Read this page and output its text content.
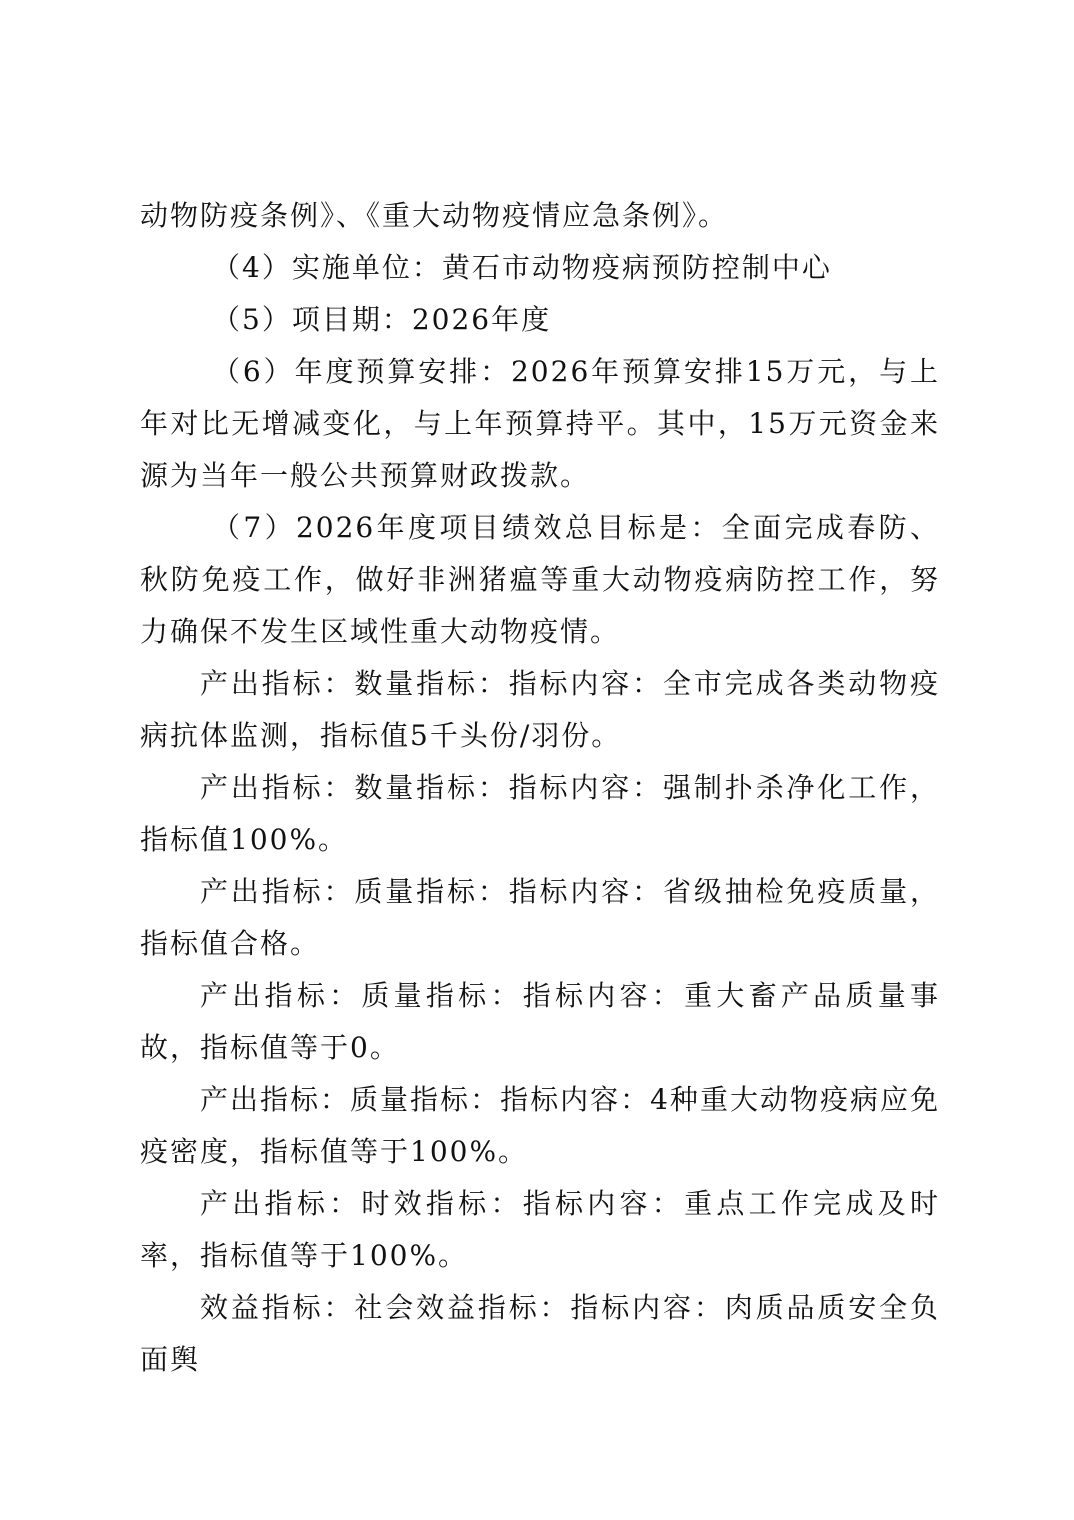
动物防疫条例》、《重大动物疫情应急条例》。

（4）实施单位：黄石市动物疫病预防控制中心

（5）项目期：2026年度

（6）年度预算安排：2026年预算安排15万元，与上年对比无增减变化，与上年预算持平。其中，15万元资金来源为当年一般公共预算财政拨款。

（7）2026年度项目绩效总目标是：全面完成春防、秋防免疫工作，做好非洲猪瘟等重大动物疫病防控工作，努力确保不发生区域性重大动物疫情。

产出指标：数量指标：指标内容：全市完成各类动物疫病抗体监测，指标值5千头份/羽份。

产出指标：数量指标：指标内容：强制扑杀净化工作，指标值100%。

产出指标：质量指标：指标内容：省级抽检免疫质量，指标值合格。

产出指标：质量指标：指标内容：重大畜产品质量事故，指标值等于0。

产出指标：质量指标：指标内容：4种重大动物疫病应免疫密度，指标值等于100%。

产出指标：时效指标：指标内容：重点工作完成及时率，指标值等于100%。

效益指标：社会效益指标：指标内容：肉质品质安全负面舆
